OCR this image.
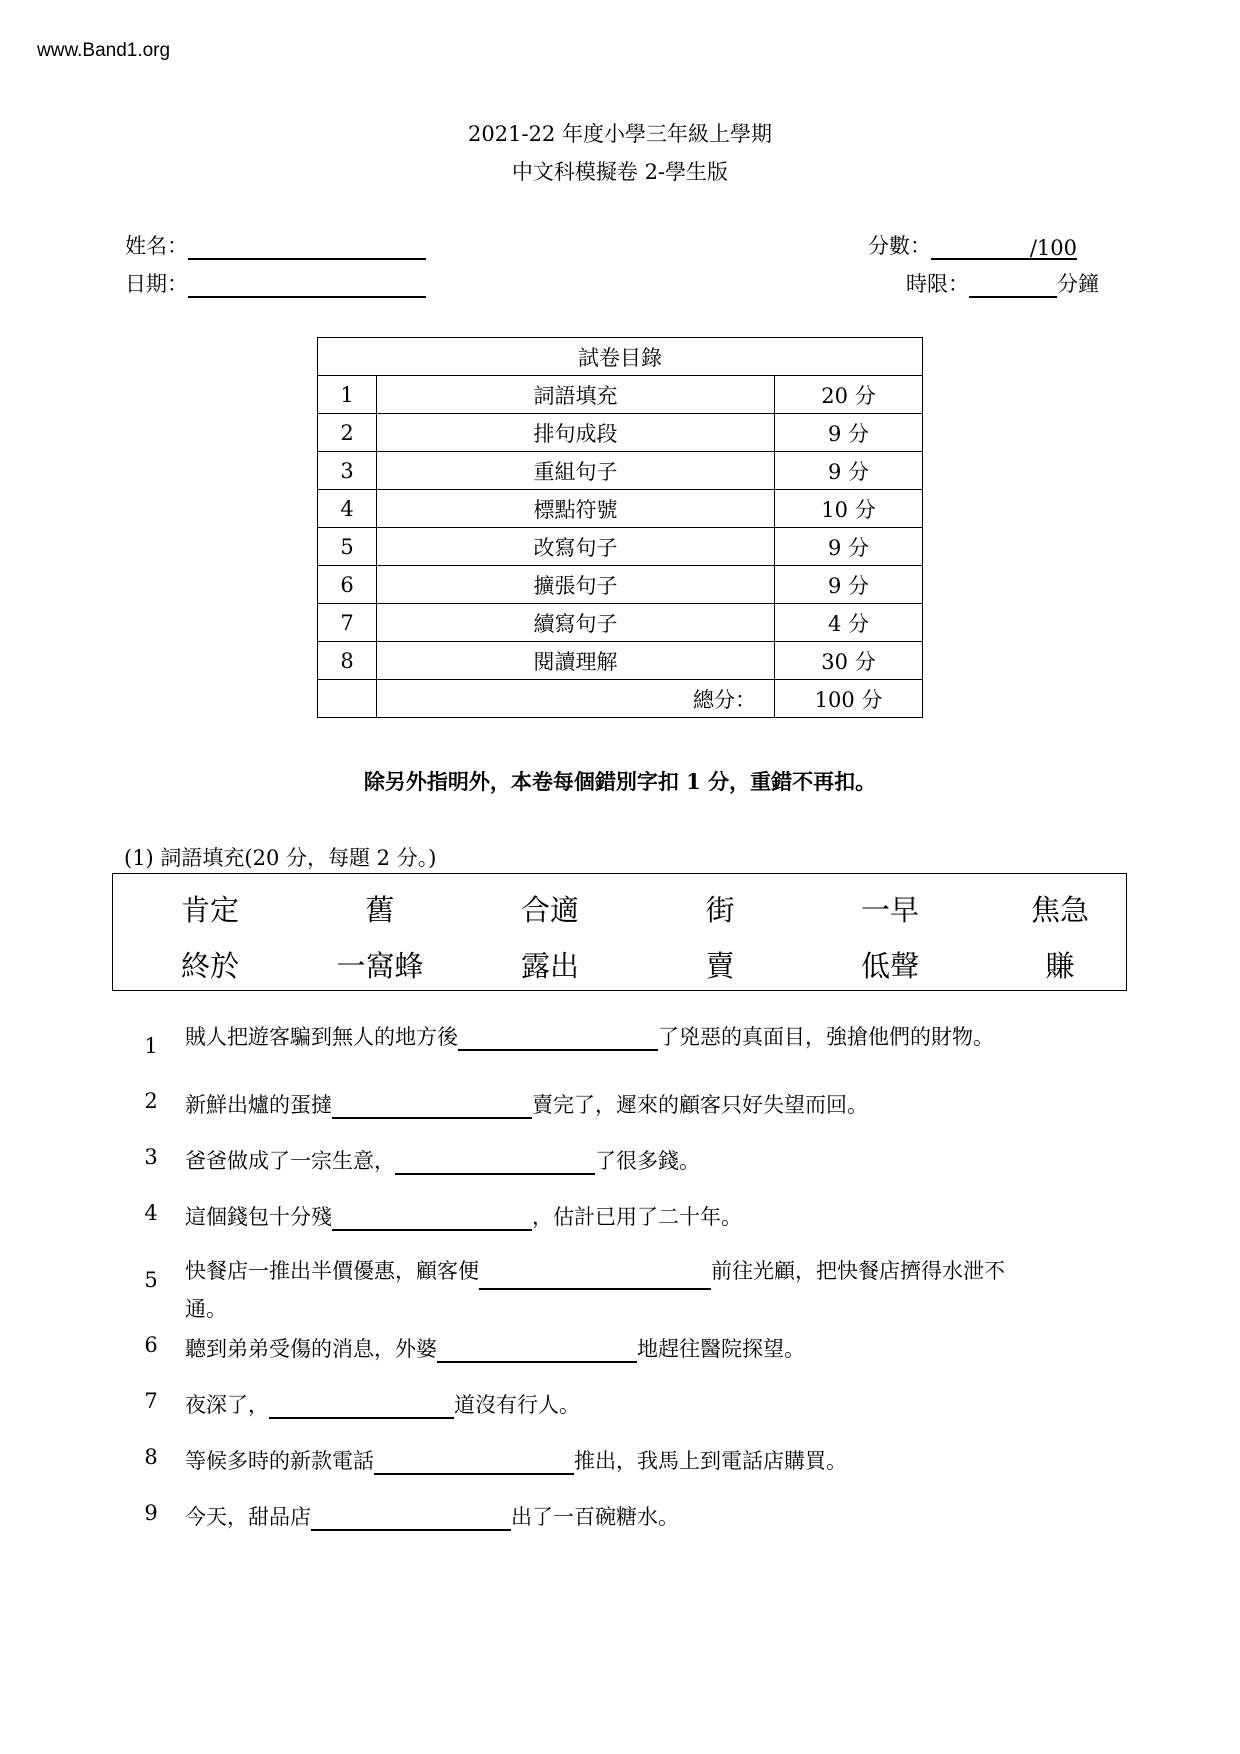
www.Band1.org
2021-22 年度小學三年級上學期
中文科模擬卷 2-學生版
姓名：
日期：
分數：	/100
時限：	分鐘
試卷目錄		
1	詞語填充	20 分
2	排句成段	9 分
3	重組句子	9 分
4	標點符號	10 分
5	改寫句子	9 分
6	擴張句子	9 分
7	續寫句子	4 分
8	閱讀理解	30 分
	總分：	100 分
除另外指明外，本卷每個錯別字扣 1 分，重錯不再扣。
(1) 詞語填充(20 分，每題 2 分。)
肯定	舊	合適	街	一早	焦急
終於	一窩蜂	露出	賣	低聲	賺
1	賊人把遊客騙到無人的地方後	了兇惡的真面目，強搶他們的財物。
2	新鮮出爐的蛋撻	賣完了，遲來的顧客只好失望而回。
3	爸爸做成了一宗生意，	了很多錢。
4	這個錢包十分殘	，估計已用了二十年。
5	快餐店一推出半價優惠，顧客便	前往光顧，把快餐店擠得水泄不
通。
6	聽到弟弟受傷的消息，外婆	地趕往醫院探望。
7	夜深了，	道沒有行人。
8	等候多時的新款電話	推出，我馬上到電話店購買。
9	今天，甜品店	出了一百碗糖水。
